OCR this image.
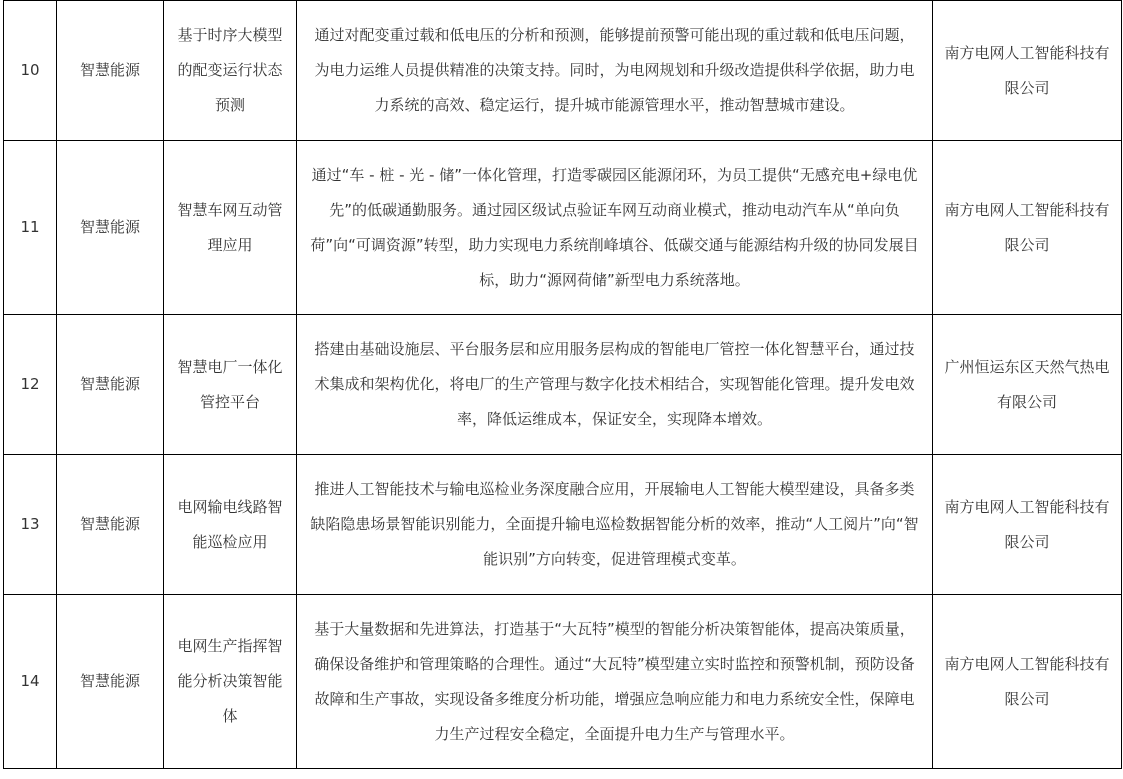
10	智慧能源	基于时序大模型的配变运行状态预测	通过对配变重过载和低电压的分析和预测，能够提前预警可能出现的重过载和低电压问题，为电力运维人员提供精准的决策支持。同时，为电网规划和升级改造提供科学依据，助力电力系统的高效、稳定运行，提升城市能源管理水平，推动智慧城市建设。	南方电网人工智能科技有限公司
11	智慧能源	智慧车网互动管理应用	通过“车 - 桩 - 光 - 储”一体化管理，打造零碳园区能源闭环，为员工提供“无感充电+绿电优先”的低碳通勤服务。通过园区级试点验证车网互动商业模式，推动电动汽车从“单向负荷”向“可调资源”转型，助力实现电力系统削峰填谷、低碳交通与能源结构升级的协同发展目标，助力“源网荷储”新型电力系统落地。	南方电网人工智能科技有限公司
12	智慧能源	智慧电厂一体化管控平台	搭建由基础设施层、平台服务层和应用服务层构成的智能电厂管控一体化智慧平台，通过技术集成和架构优化，将电厂的生产管理与数字化技术相结合，实现智能化管理。提升发电效率，降低运维成本，保证安全，实现降本增效。	广州恒运东区天然气热电有限公司
13	智慧能源	电网输电线路智能巡检应用	推进人工智能技术与输电巡检业务深度融合应用，开展输电人工智能大模型建设，具备多类缺陷隐患场景智能识别能力，全面提升输电巡检数据智能分析的效率，推动“人工阅片”向“智能识别”方向转变，促进管理模式变革。	南方电网人工智能科技有限公司
14	智慧能源	电网生产指挥智能分析决策智能体	基于大量数据和先进算法，打造基于“大瓦特”模型的智能分析决策智能体，提高决策质量，确保设备维护和管理策略的合理性。通过“大瓦特”模型建立实时监控和预警机制，预防设备故障和生产事故，实现设备多维度分析功能，增强应急响应能力和电力系统安全性，保障电力生产过程安全稳定，全面提升电力生产与管理水平。	南方电网人工智能科技有限公司
